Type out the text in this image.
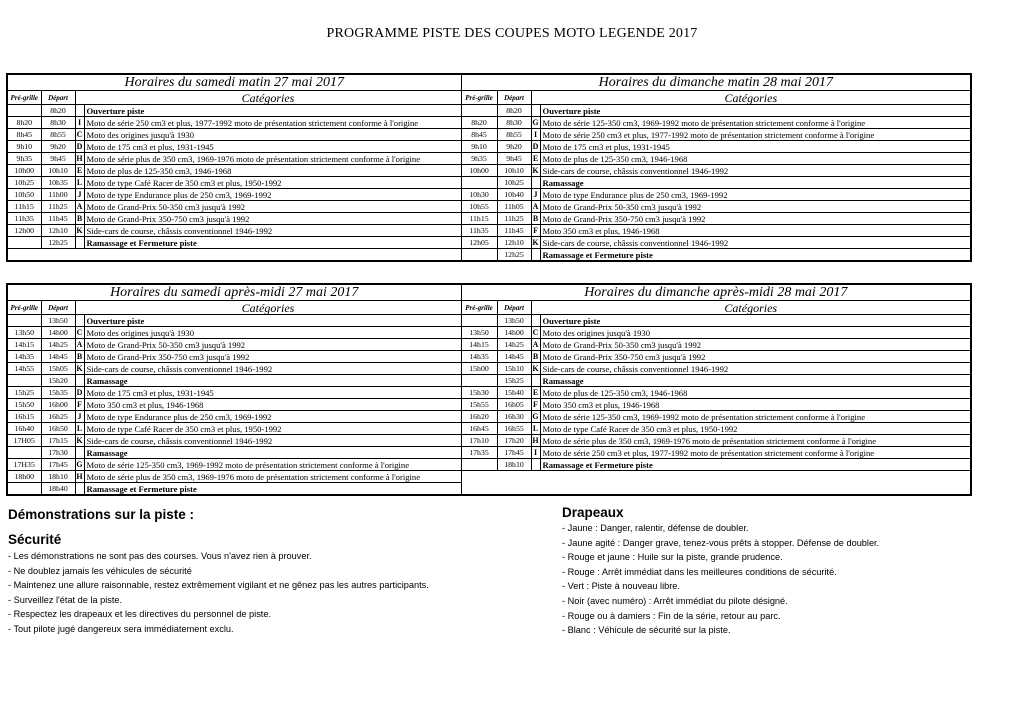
PROGRAMME PISTE DES COUPES MOTO LEGENDE 2017
Horaires du samedi matin 27 mai 2017				Horaires du dimanche matin 28 mai 2017			
Pré-grille	Départ	Catégories		Pré-grille	Départ	Catégories	
	8h20		Ouverture piste		8h20		Ouverture piste
8h20	8h30	I	Moto de série 250 cm3 et plus, 1977-1992 moto de présentation strictement conforme à l'origine	8h20	8h30	G	Moto de série 125-350 cm3, 1969-1992 moto de présentation strictement conforme à l'origine
8h45	8h55	C	Moto des origines jusqu'à 1930	8h45	8h55	I	Moto de série 250 cm3 et plus, 1977-1992 moto de présentation strictement conforme à l'origine
9h10	9h20	D	Moto de 175 cm3 et plus, 1931-1945	9h10	9h20	D	Moto de 175 cm3 et plus, 1931-1945
9h35	9h45	H	Moto de série plus de 350 cm3, 1969-1976 moto de présentation strictement conforme à l'origine	9h35	9h45	E	Moto de plus de 125-350 cm3, 1946-1968
10h00	10h10	E	Moto de plus de 125-350 cm3, 1946-1968	10h00	10h10	K	Side-cars de course, châssis conventionnel 1946-1992
10h25	10h35	L	Moto de type Café Racer de 350 cm3 et plus, 1950-1992		10h25		Ramassage
10h50	11h00	J	Moto de type Endurance plus de 250 cm3, 1969-1992	10h30	10h40	J	Moto de type Endurance plus de 250 cm3, 1969-1992
11h15	11h25	A	Moto de Grand-Prix 50-350 cm3 jusqu'à 1992	10h55	11h05	A	Moto de Grand-Prix 50-350 cm3 jusqu'à 1992
11h35	11h45	B	Moto de Grand-Prix 350-750 cm3 jusqu'à 1992	11h15	11h25	B	Moto de Grand-Prix 350-750 cm3 jusqu'à 1992
12h00	12h10	K	Side-cars de course, châssis conventionnel 1946-1992	11h35	11h45	F	Moto 350 cm3 et plus, 1946-1968
	12h25		Ramassage et Fermeture piste	12h05	12h10	K	Side-cars de course, châssis conventionnel 1946-1992
					12h25		Ramassage et Fermeture piste
Horaires du samedi après-midi 27 mai 2017				Horaires du dimanche après-midi 28 mai 2017			
Pré-grille	Départ	Catégories		Pré-grille	Départ	Catégories	
	13h50		Ouverture piste		13h50		Ouverture piste
13h50	14h00	C	Moto des origines jusqu'à 1930	13h50	14h00	C	Moto des origines jusqu'à 1930
14h15	14h25	A	Moto de Grand-Prix 50-350 cm3 jusqu'à 1992	14h15	14h25	A	Moto de Grand-Prix 50-350 cm3 jusqu'à 1992
14h35	14h45	B	Moto de Grand-Prix 350-750 cm3 jusqu'à 1992	14h35	14h45	B	Moto de Grand-Prix 350-750 cm3 jusqu'à 1992
14h55	15h05	K	Side-cars de course, châssis conventionnel 1946-1992	15h00	15h10	K	Side-cars de course, châssis conventionnel 1946-1992
	15h20		Ramassage		15h25		Ramassage
15h25	15h35	D	Moto de 175 cm3 et plus, 1931-1945	15h30	15h40	E	Moto de plus de 125-350 cm3, 1946-1968
15h50	16h00	F	Moto 350 cm3 et plus, 1946-1968	15h55	16h05	F	Moto 350 cm3 et plus, 1946-1968
16h15	16h25	J	Moto de type Endurance plus de 250 cm3, 1969-1992	16h20	16h30	G	Moto de série 125-350 cm3, 1969-1992 moto de présentation strictement conforme à l'origine
16h40	16h50	L	Moto de type Café Racer de 350 cm3 et plus, 1950-1992	16h45	16h55	L	Moto de type Café Racer de 350 cm3 et plus, 1950-1992
17H05	17h15	K	Side-cars de course, châssis conventionnel 1946-1992	17h10	17h20	H	Moto de série plus de 350 cm3, 1969-1976 moto de présentation strictement conforme à l'origine
	17h30		Ramassage	17h35	17h45	I	Moto de série 250 cm3 et plus, 1977-1992 moto de présentation strictement conforme à l'origine
17H35	17h45	G	Moto de série 125-350 cm3, 1969-1992 moto de présentation strictement conforme à l'origine		18h10		Ramassage et Fermeture piste
18h00	18h10	H	Moto de série plus de 350 cm3, 1969-1976 moto de présentation strictement conforme à l'origine				
	18h40		Ramassage et Fermeture piste				
Démonstrations sur la piste :
Sécurité
- Les démonstrations ne sont pas des courses. Vous n'avez rien à prouver.
- Ne doublez jamais les véhicules de sécurité
- Maintenez une allure raisonnable, restez extrêmement vigilant et ne gênez pas les autres participants.
- Surveillez l'état de la piste.
- Respectez les drapeaux et les directives du personnel de piste.
- Tout pilote jugé dangereux sera immédiatement exclu.
Drapeaux
- Jaune : Danger, ralentir, défense de doubler.
- Jaune agité : Danger grave, tenez-vous prêts à stopper. Défense de doubler.
- Rouge et jaune : Huile sur la piste, grande prudence.
- Rouge : Arrêt immédiat dans les meilleures conditions de sécurité.
- Vert : Piste à nouveau libre.
- Noir (avec numéro) : Arrêt immédiat du pilote désigné.
- Rouge ou à damiers : Fin de la série, retour au parc.
- Blanc : Véhicule de sécurité sur la piste.
